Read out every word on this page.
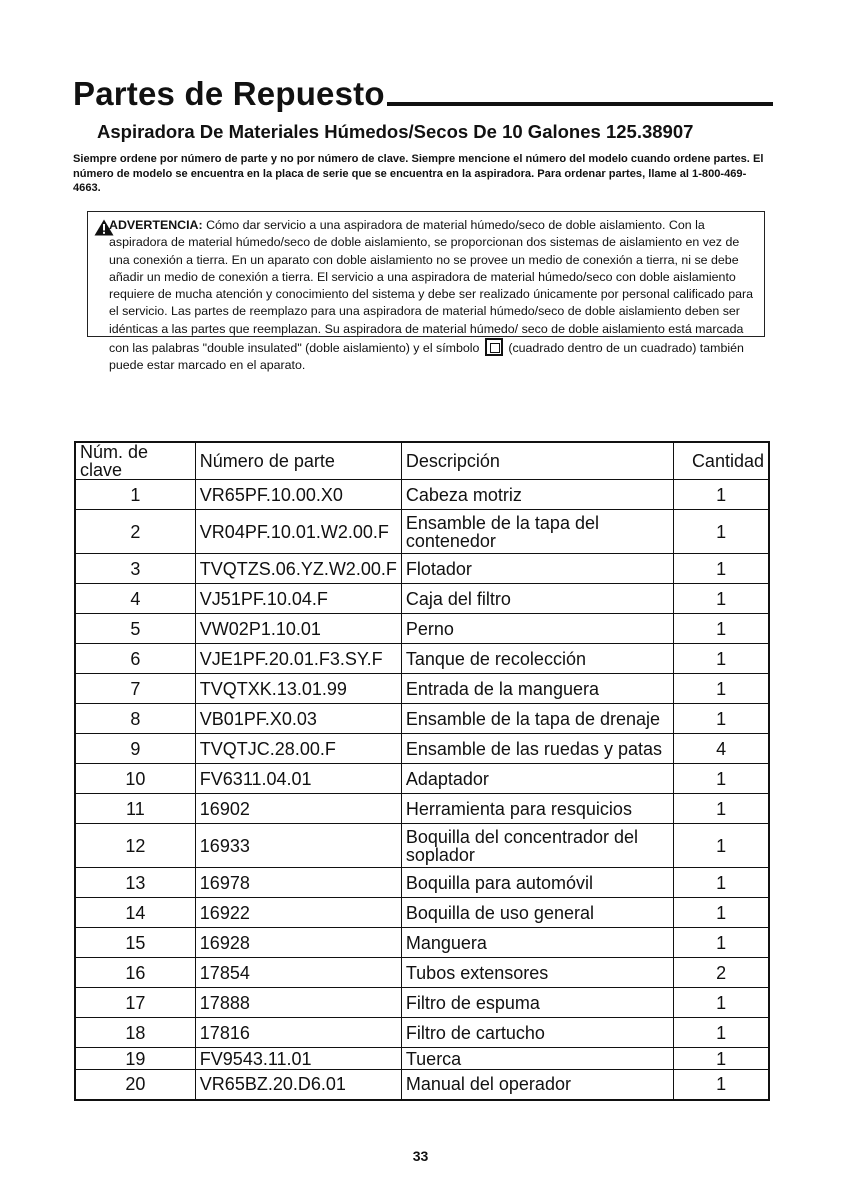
Partes de Repuesto
Aspiradora De Materiales Húmedos/Secos De 10 Galones 125.38907
Siempre ordene por número de parte y no por número de clave. Siempre mencione el número del modelo cuando ordene partes. El número de modelo se encuentra en la placa de serie que se encuentra en la aspiradora. Para ordenar partes, llame al 1-800-469-4663.
ADVERTENCIA: Cómo dar servicio a una aspiradora de material húmedo/seco de doble aislamiento. Con la aspiradora de material húmedo/seco de doble aislamiento, se proporcionan dos sistemas de aislamiento en vez de una conexión a tierra. En un aparato con doble aislamiento no se provee un medio de conexión a tierra, ni se debe añadir un medio de conexión a tierra. El servicio a una aspiradora de material húmedo/seco con doble aislamiento requiere de mucha atención y conocimiento del sistema y debe ser realizado únicamente por personal calificado para el servicio. Las partes de reemplazo para una aspiradora de material húmedo/seco de doble aislamiento deben ser idénticas a las partes que reemplazan. Su aspiradora de material húmedo/ seco de doble aislamiento está marcada con las palabras "double insulated" (doble aislamiento) y el símbolo (cuadrado dentro de un cuadrado) también puede estar marcado en el aparato.
Núm. de clave	Número de parte	Descripción	Cantidad
1	VR65PF.10.00.X0	Cabeza motriz	1
2	VR04PF.10.01.W2.00.F	Ensamble de la tapa del contenedor	1
3	TVQTZS.06.YZ.W2.00.F	Flotador	1
4	VJ51PF.10.04.F	Caja del filtro	1
5	VW02P1.10.01	Perno	1
6	VJE1PF.20.01.F3.SY.F	Tanque de recolección	1
7	TVQTXK.13.01.99	Entrada de la manguera	1
8	VB01PF.X0.03	Ensamble de la tapa de drenaje	1
9	TVQTJC.28.00.F	Ensamble de las ruedas y patas	4
10	FV6311.04.01	Adaptador	1
11	16902	Herramienta para resquicios	1
12	16933	Boquilla del concentrador del soplador	1
13	16978	Boquilla para automóvil	1
14	16922	Boquilla de uso general	1
15	16928	Manguera	1
16	17854	Tubos extensores	2
17	17888	Filtro de espuma	1
18	17816	Filtro de cartucho	1
19	FV9543.11.01	Tuerca	1
20	VR65BZ.20.D6.01	Manual del operador	1
33
